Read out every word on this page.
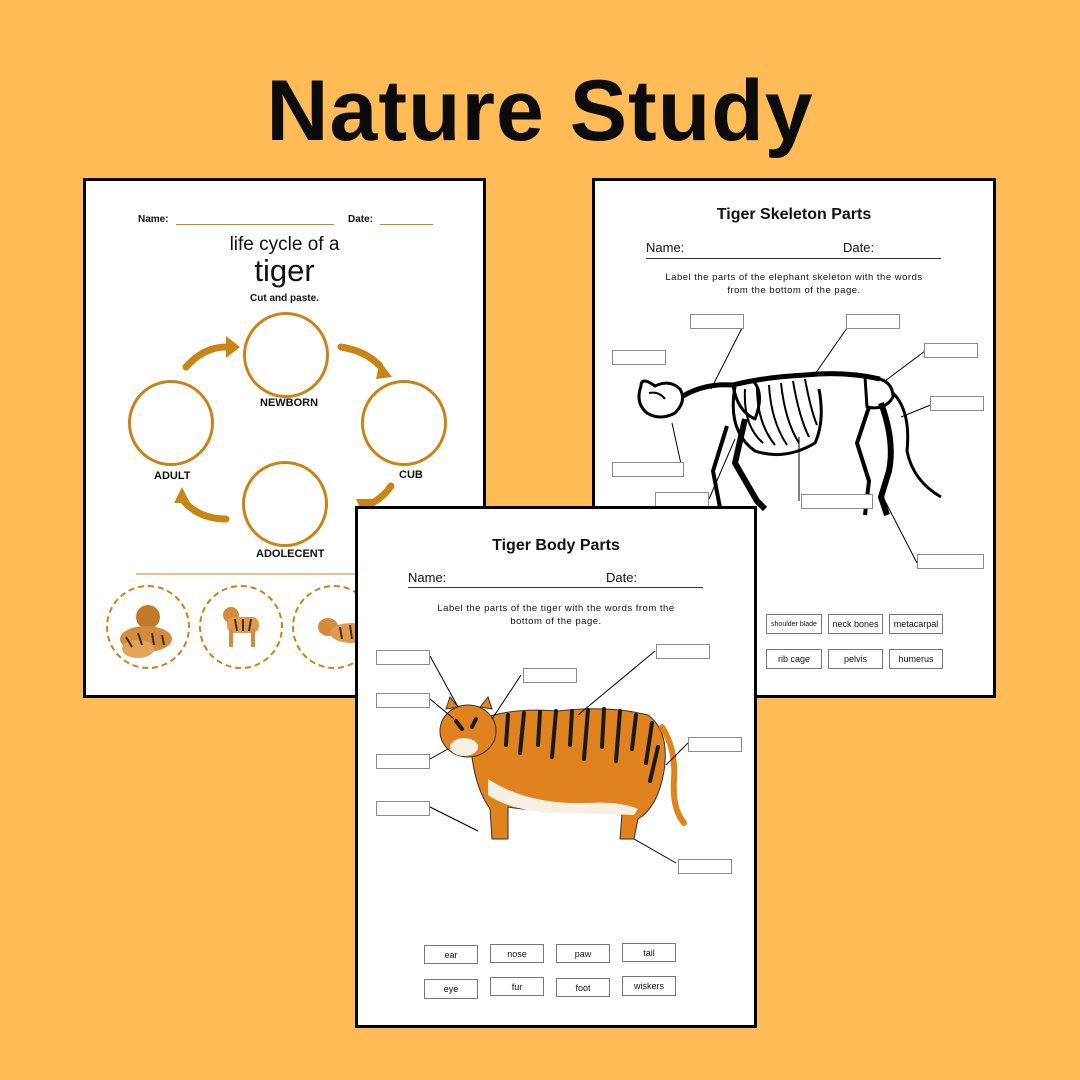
Nature Study
Name:	Date:
life cycle of a
tiger
Cut and paste.
NEWBORN
CUB
ADOLECENT
ADULT
Tiger Skeleton Parts
Name:	Date:
Label the parts of the elephant skeleton with the words
from the bottom of the page.
shoulder blade	neck bones	metacarpal
rib cage	pelvis	humerus
Tiger Body Parts
Name:	Date:
Label the parts of the tiger with the words from the
bottom of the page.
ear	nose	paw	tail
eye	fur	foot	wiskers
